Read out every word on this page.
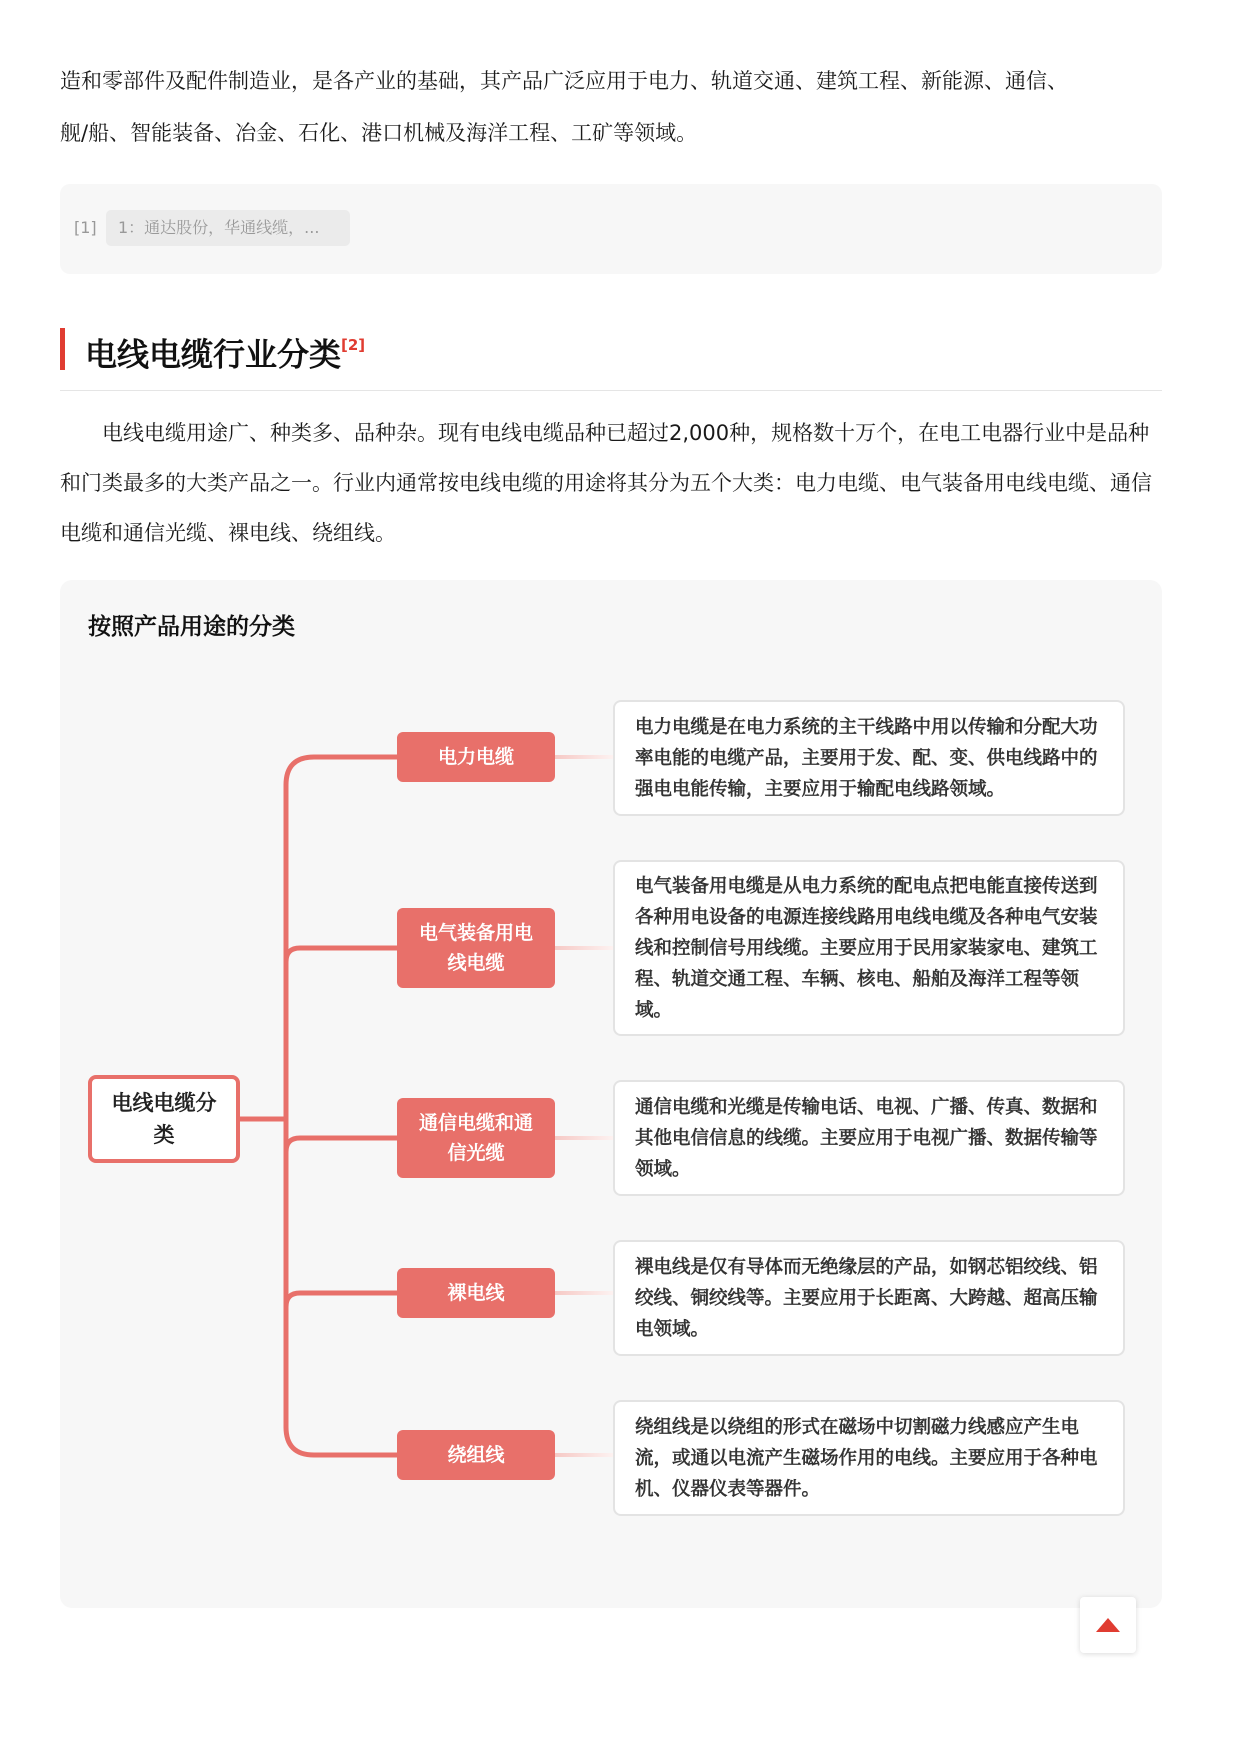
造和零部件及配件制造业，是各产业的基础，其产品广泛应用于电力、轨道交通、建筑工程、新能源、通信、

舰/船、智能装备、冶金、石化、港口机械及海洋工程、工矿等领域。

[1]	1：通达股份，华通线缆，...
电线电缆行业分类[2]

电线电缆用途广、种类多、品种杂。现有电线电缆品种已超过2,000种，规格数十万个，在电工电器行业中是品种和门类最多的大类产品之一。行业内通常按电线电缆的用途将其分为五个大类：电力电缆、电气装备用电线电缆、通信电缆和通信光缆、裸电线、绕组线。

按照产品用途的分类
电线电缆分类
电力电缆
电力电缆是在电力系统的主干线路中用以传输和分配大功率电能的电缆产品，主要用于发、配、变、供电线路中的强电电能传输，主要应用于输配电线路领域。
电气装备用电线电缆
电气装备用电缆是从电力系统的配电点把电能直接传送到各种用电设备的电源连接线路用电线电缆及各种电气安装线和控制信号用线缆。主要应用于民用家装家电、建筑工程、轨道交通工程、车辆、核电、船舶及海洋工程等领域。
通信电缆和通信光缆
通信电缆和光缆是传输电话、电视、广播、传真、数据和其他电信信息的线缆。主要应用于电视广播、数据传输等领域。
裸电线
裸电线是仅有导体而无绝缘层的产品，如钢芯铝绞线、铝绞线、铜绞线等。主要应用于长距离、大跨越、超高压输电领域。
绕组线
绕组线是以绕组的形式在磁场中切割磁力线感应产生电流，或通以电流产生磁场作用的电线。主要应用于各种电机、仪器仪表等器件。
